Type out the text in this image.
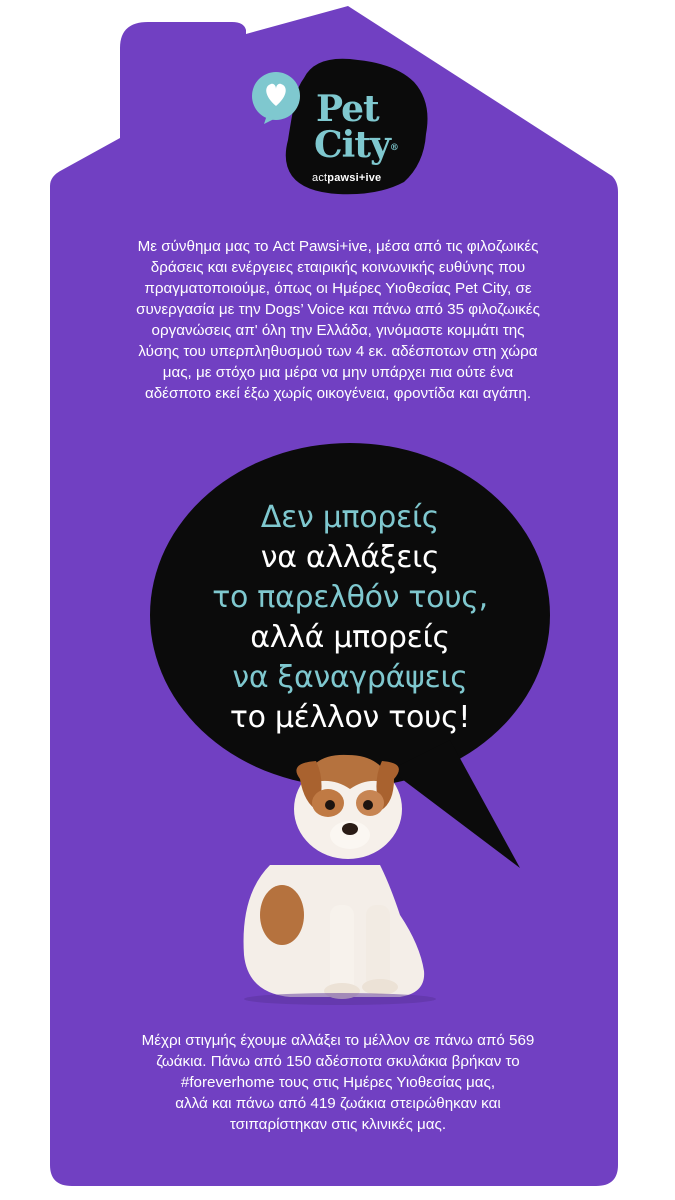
Pet
City®
actpawsi+ive
Με σύνθημα μας το Act Pawsi+ive, μέσα από τις φιλοζωικές
δράσεις και ενέργειες εταιρικής κοινωνικής ευθύνης που
πραγματοποιούμε, όπως οι Ημέρες Υιοθεσίας Pet City, σε
συνεργασία με την Dogs’ Voice και πάνω από 35 φιλοζωικές
οργανώσεις απ' όλη την Ελλάδα, γινόμαστε κομμάτι της
λύσης του υπερπληθυσμού των 4 εκ. αδέσποτων στη χώρα
μας, με στόχο μια μέρα να μην υπάρχει πια ούτε ένα
αδέσποτο εκεί έξω χωρίς οικογένεια, φροντίδα και αγάπη.
Δεν μπορείς
να αλλάξεις
το παρελθόν τους,
αλλά μπορείς
να ξαναγράψεις
το μέλλον τους!
Μέχρι στιγμής έχουμε αλλάξει το μέλλον σε πάνω από 569
ζωάκια. Πάνω από 150 αδέσποτα σκυλάκια βρήκαν το
#foreverhome τους στις Ημέρες Υιοθεσίας μας,
αλλά και πάνω από 419 ζωάκια στειρώθηκαν και
τσιπαρίστηκαν στις κλινικές μας.
